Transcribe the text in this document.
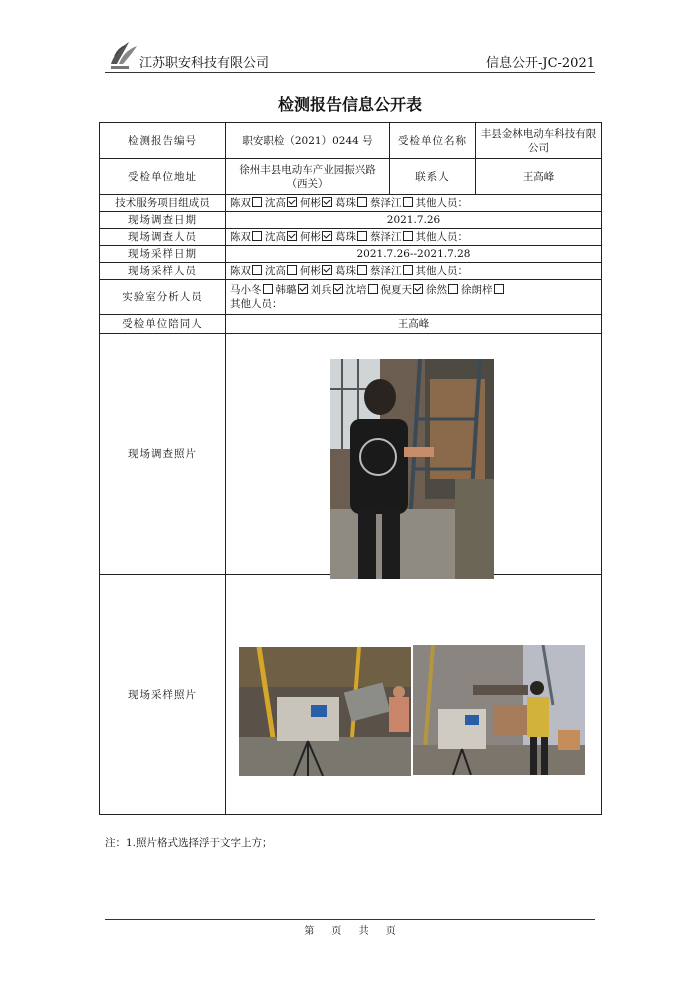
江苏职安科技有限公司	信息公开-JC-2021
检测报告信息公开表
检测报告编号	职安职检（2021）0244 号	受检单位名称	丰县金林电动车科技有限公司
受检单位地址	徐州丰县电动车产业园振兴路（西关）	联系人	王高峰
技术服务项目组成员	陈双 沈高 何彬 葛珠 蔡泽江 其他人员：		
现场调查日期	2021.7.26		
现场调查人员	陈双 沈高 何彬 葛珠 蔡泽江 其他人员：		
现场采样日期	2021.7.26--2021.7.28		
现场采样人员	陈双 沈高 何彬 葛珠 蔡泽江 其他人员：		
实验室分析人员	马小冬 韩璐 刘兵 沈培 倪夏天 徐然 徐朗梓
其他人员：		

受检单位陪同人	王高峰		
现场调查照片			
现场采样照片			
注：1.照片格式选择浮于文字上方；
第 页 共 页
